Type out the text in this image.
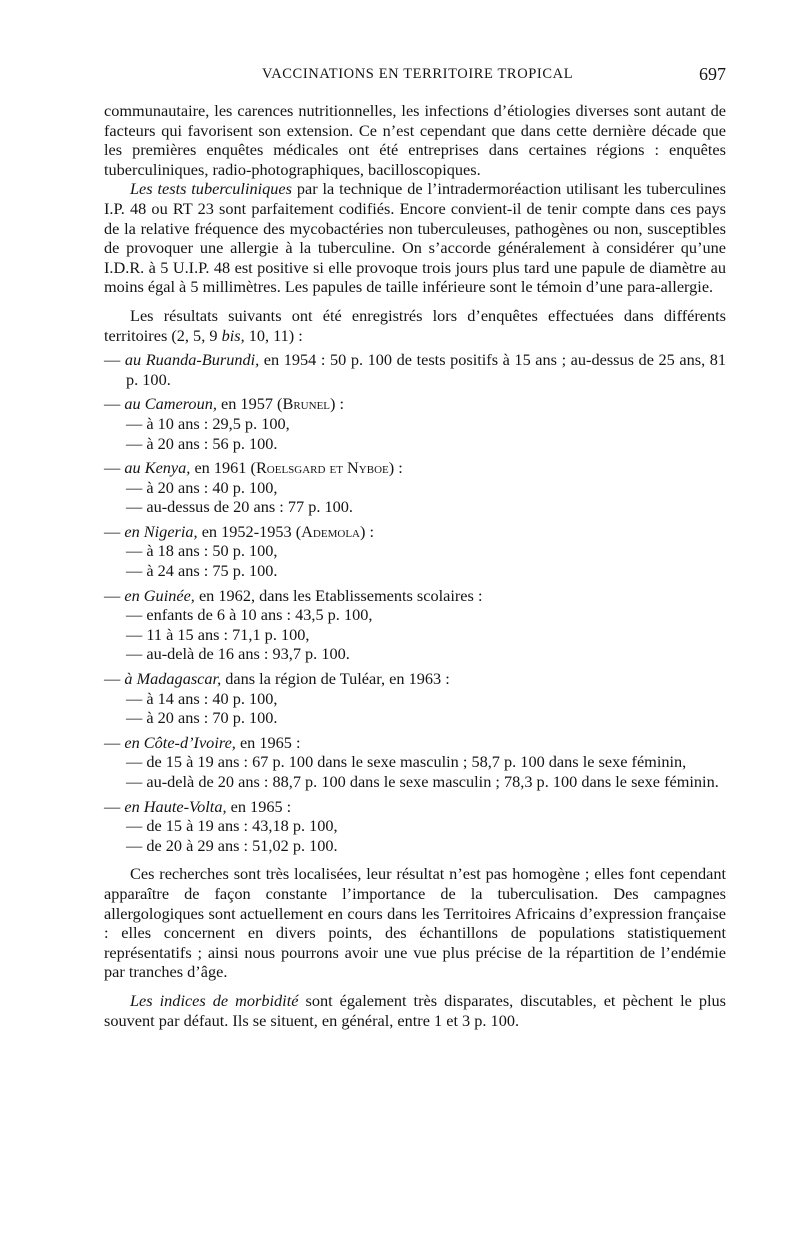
VACCINATIONS EN TERRITOIRE TROPICAL	697

communautaire, les carences nutritionnelles, les infections d’étiologies diverses sont autant de facteurs qui favorisent son extension. Ce n’est cependant que dans cette dernière décade que les premières enquêtes médicales ont été entreprises dans certaines régions : enquêtes tuberculiniques, radio-photographiques, bacilloscopiques.

Les tests tuberculiniques par la technique de l’intradermoréaction utilisant les tuberculines I.P. 48 ou RT 23 sont parfaitement codifiés. Encore convient-il de tenir compte dans ces pays de la relative fréquence des mycobactéries non tuberculeuses, pathogènes ou non, susceptibles de provoquer une allergie à la tuberculine. On s’accorde généralement à considérer qu’une I.D.R. à 5 U.I.P. 48 est positive si elle provoque trois jours plus tard une papule de diamètre au moins égal à 5 millimètres. Les papules de taille inférieure sont le témoin d’une para-allergie.

Les résultats suivants ont été enregistrés lors d’enquêtes effectuées dans différents territoires (2, 5, 9 bis, 10, 11) :

— au Ruanda-Burundi, en 1954 : 50 p. 100 de tests positifs à 15 ans ; au-dessus de 25 ans, 81 p. 100.

— au Cameroun, en 1957 (Brunel) :

— à 10 ans : 29,5 p. 100,

— à 20 ans : 56 p. 100.

— au Kenya, en 1961 (Roelsgard et Nyboe) :

— à 20 ans : 40 p. 100,

— au-dessus de 20 ans : 77 p. 100.

— en Nigeria, en 1952-1953 (Ademola) :

— à 18 ans : 50 p. 100,

— à 24 ans : 75 p. 100.

— en Guinée, en 1962, dans les Etablissements scolaires :

— enfants de 6 à 10 ans : 43,5 p. 100,

— 11 à 15 ans : 71,1 p. 100,

— au-delà de 16 ans : 93,7 p. 100.

— à Madagascar, dans la région de Tuléar, en 1963 :

— à 14 ans : 40 p. 100,

— à 20 ans : 70 p. 100.

— en Côte-d’Ivoire, en 1965 :

— de 15 à 19 ans : 67 p. 100 dans le sexe masculin ; 58,7 p. 100 dans le sexe féminin,

— au-delà de 20 ans : 88,7 p. 100 dans le sexe masculin ; 78,3 p. 100 dans le sexe féminin.

— en Haute-Volta, en 1965 :

— de 15 à 19 ans : 43,18 p. 100,

— de 20 à 29 ans : 51,02 p. 100.

Ces recherches sont très localisées, leur résultat n’est pas homogène ; elles font cependant apparaître de façon constante l’importance de la tuberculisation. Des campagnes allergologiques sont actuellement en cours dans les Territoires Africains d’expression française : elles concernent en divers points, des échantillons de populations statistiquement représentatifs ; ainsi nous pourrons avoir une vue plus précise de la répartition de l’endémie par tranches d’âge.

Les indices de morbidité sont également très disparates, discutables, et pèchent le plus souvent par défaut. Ils se situent, en général, entre 1 et 3 p. 100.
